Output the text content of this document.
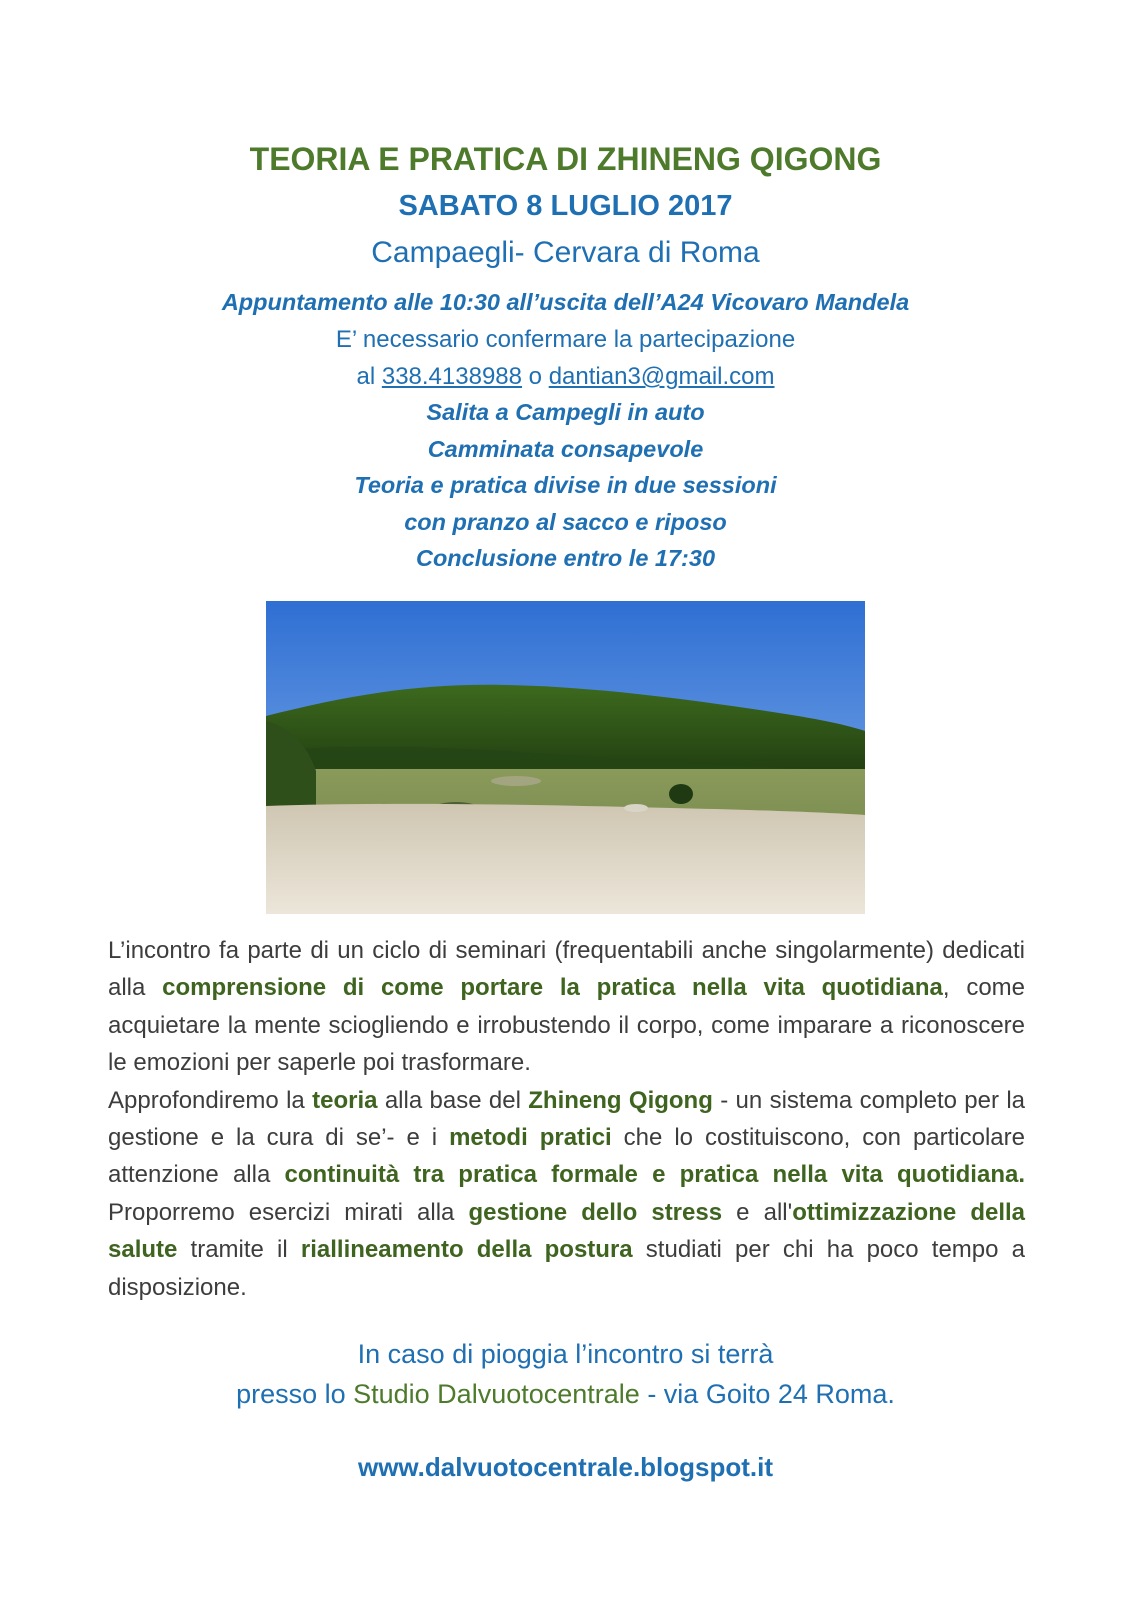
TEORIA E PRATICA DI ZHINENG QIGONG
SABATO 8 LUGLIO 2017
Campaegli- Cervara di Roma
Appuntamento alle 10:30 all’uscita dell’A24 Vicovaro Mandela
E’ necessario confermare la partecipazione
al 338.4138988 o dantian3@gmail.com
Salita a Campegli in auto
Camminata consapevole
Teoria e pratica divise in due sessioni
con pranzo al sacco e riposo
Conclusione entro le 17:30

L’incontro fa parte di un ciclo di seminari (frequentabili anche singolarmente) dedicati alla comprensione di come portare la pratica nella vita quotidiana, come acquietare la mente sciogliendo e irrobustendo il corpo, come imparare a riconoscere le emozioni per saperle poi trasformare.

Approfondiremo la teoria alla base del Zhineng Qigong - un sistema completo per la gestione e la cura di se’- e i metodi pratici che lo costituiscono, con particolare attenzione alla continuità tra pratica formale e pratica nella vita quotidiana. Proporremo esercizi mirati alla gestione dello stress e all'ottimizzazione della salute tramite il riallineamento della postura studiati per chi ha poco tempo a disposizione.

In caso di pioggia l’incontro si terrà
presso lo Studio Dalvuotocentrale - via Goito 24 Roma.
www.dalvuotocentrale.blogspot.it
